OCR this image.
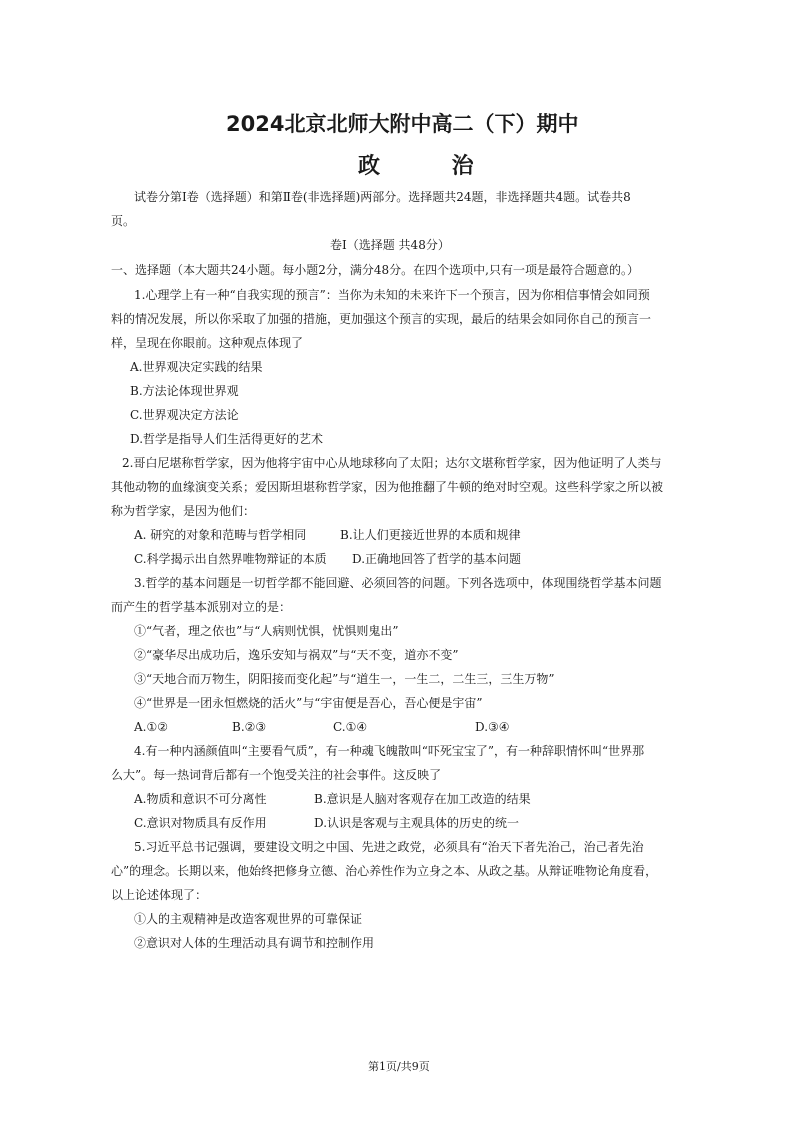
2024北京北师大附中高二（下）期中
政 治
试卷分第Ⅰ卷（选择题）和第Ⅱ卷(非选择题)两部分。选择题共24题，非选择题共4题。试卷共8
页。
卷Ⅰ（选择题 共48分）
一、选择题（本大题共24小题。每小题2分，满分48分。在四个选项中,只有一项是最符合题意的。）
1.心理学上有一种“自我实现的预言”：当你为未知的未来许下一个预言，因为你相信事情会如同预
料的情况发展，所以你采取了加强的措施，更加强这个预言的实现，最后的结果会如同你自己的预言一
样，呈现在你眼前。这种观点体现了
A.世界观决定实践的结果
B.方法论体现世界观
C.世界观决定方法论
D.哲学是指导人们生活得更好的艺术
2.哥白尼堪称哲学家，因为他将宇宙中心从地球移向了太阳；达尔文堪称哲学家，因为他证明了人类与
其他动物的血缘演变关系；爱因斯坦堪称哲学家，因为他推翻了牛顿的绝对时空观。这些科学家之所以被
称为哲学家，是因为他们：
A. 研究的对象和范畴与哲学相同	B.让人们更接近世界的本质和规律
C.科学揭示出自然界唯物辩证的本质 D.正确地回答了哲学的基本问题
3.哲学的基本问题是一切哲学都不能回避、必须回答的问题。下列各选项中，体现围绕哲学基本问题
而产生的哲学基本派别对立的是：
①“气者，理之依也”与“人病则忧惧，忧惧则鬼出”
②“豪华尽出成功后，逸乐安知与祸双”与“天不变，道亦不变”
③“天地合而万物生，阴阳接而变化起”与“道生一，一生二，二生三，三生万物”
④“世界是一团永恒燃烧的活火”与“宇宙便是吾心，吾心便是宇宙”
A.①②	B.②③	C.①④	D.③④
4.有一种内涵颜值叫“主要看气质”，有一种魂飞魄散叫“吓死宝宝了”，有一种辞职情怀叫“世界那
么大”。每一热词背后都有一个饱受关注的社会事件。这反映了
A.物质和意识不可分离性	B.意识是人脑对客观存在加工改造的结果
C.意识对物质具有反作用	D.认识是客观与主观具体的历史的统一
5.习近平总书记强调，要建设文明之中国、先进之政党，必须具有“治天下者先治己，治己者先治
心”的理念。长期以来，他始终把修身立德、治心养性作为立身之本、从政之基。从辩证唯物论角度看，
以上论述体现了：
①人的主观精神是改造客观世界的可靠保证
②意识对人体的生理活动具有调节和控制作用
第1页/共9页
